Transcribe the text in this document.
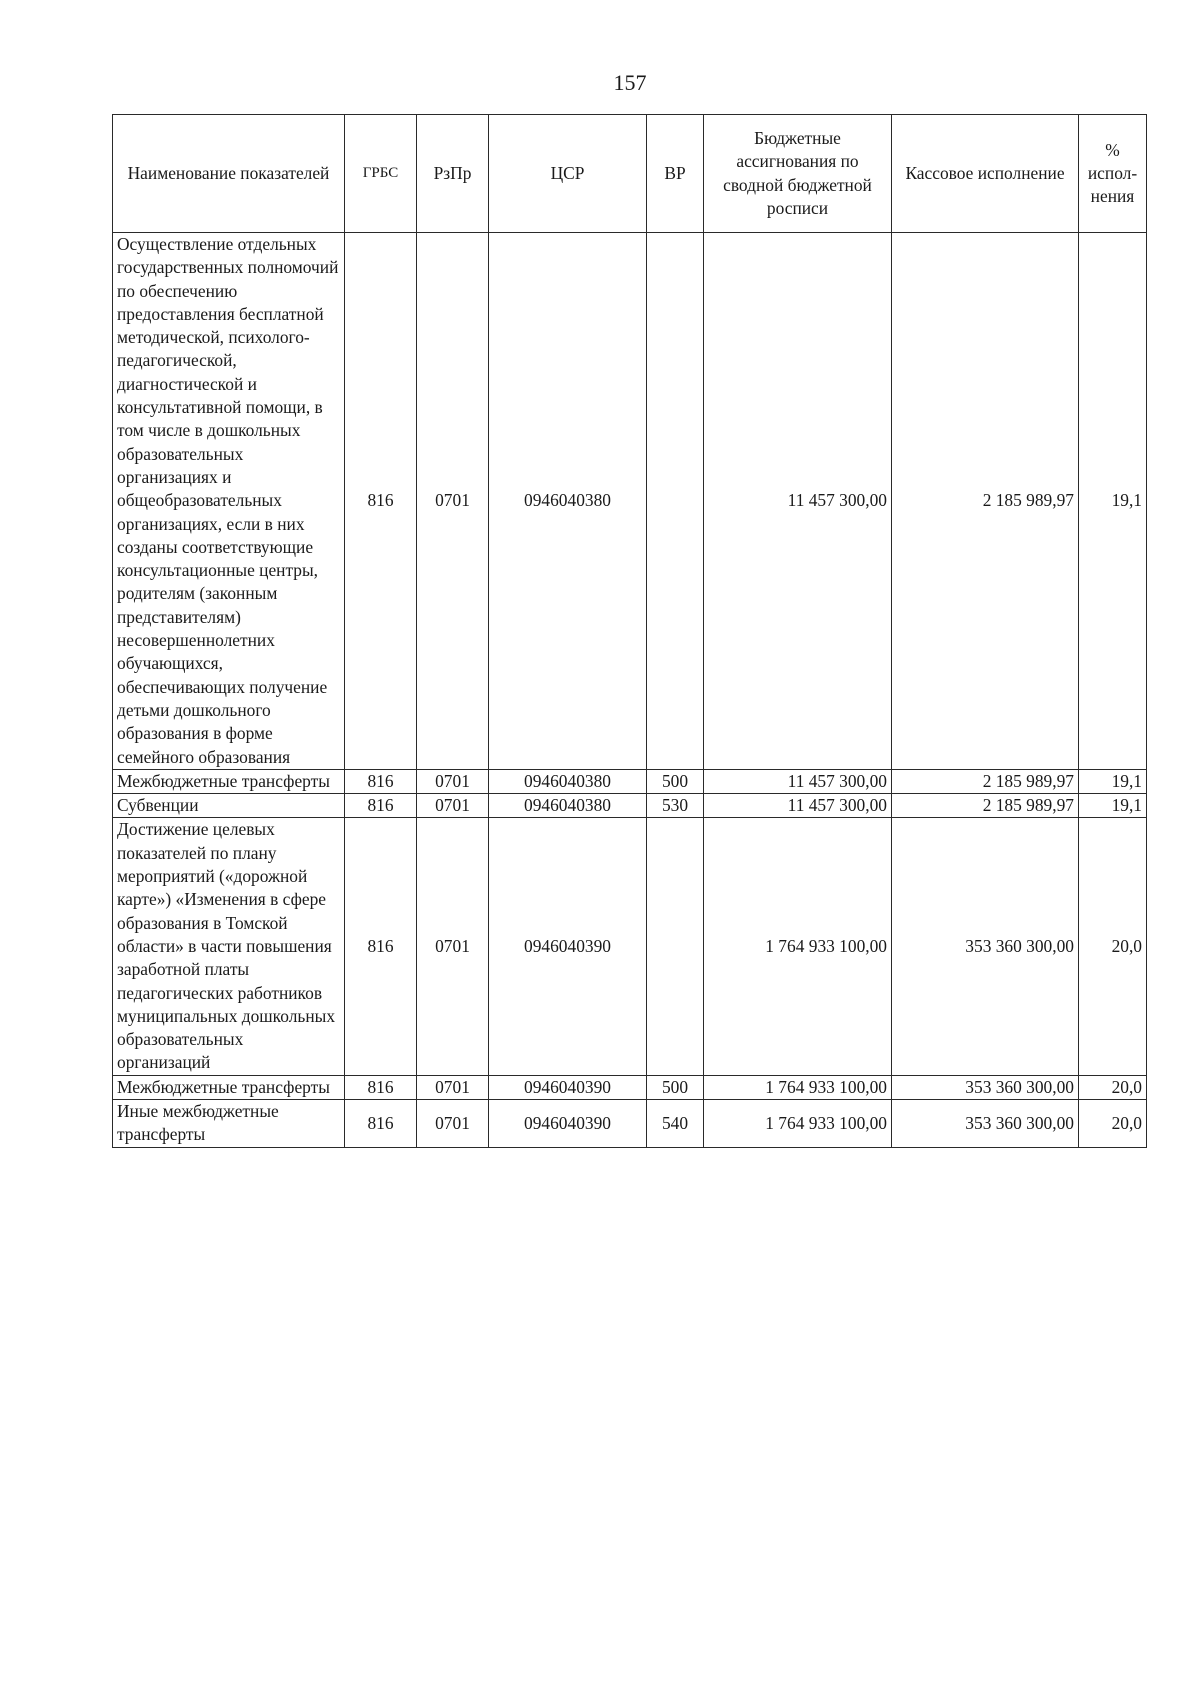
157
Наименование показателей	ГРБС	РзПр	ЦСР	ВР	Бюджетные ассигнования по сводной бюджетной росписи	Кассовое исполнение	% испол-нения
Осуществление отдельных государственных полномочий по обеспечению предоставления бесплатной методической, психолого-педагогической, диагностической и консультативной помощи, в том числе в дошкольных образовательных организациях и общеобразовательных организациях, если в них созданы соответствующие консультационные центры, родителям (законным представителям) несовершеннолетних обучающихся, обеспечивающих получение детьми дошкольного образования в форме семейного образования	816	0701	0946040380		11 457 300,00	2 185 989,97	19,1
Межбюджетные трансферты	816	0701	0946040380	500	11 457 300,00	2 185 989,97	19,1
Субвенции	816	0701	0946040380	530	11 457 300,00	2 185 989,97	19,1
Достижение целевых показателей по плану мероприятий («дорожной карте») «Изменения в сфере образования в Томской области» в части повышения заработной платы педагогических работников муниципальных дошкольных образовательных организаций	816	0701	0946040390		1 764 933 100,00	353 360 300,00	20,0
Межбюджетные трансферты	816	0701	0946040390	500	1 764 933 100,00	353 360 300,00	20,0
Иные межбюджетные трансферты	816	0701	0946040390	540	1 764 933 100,00	353 360 300,00	20,0
